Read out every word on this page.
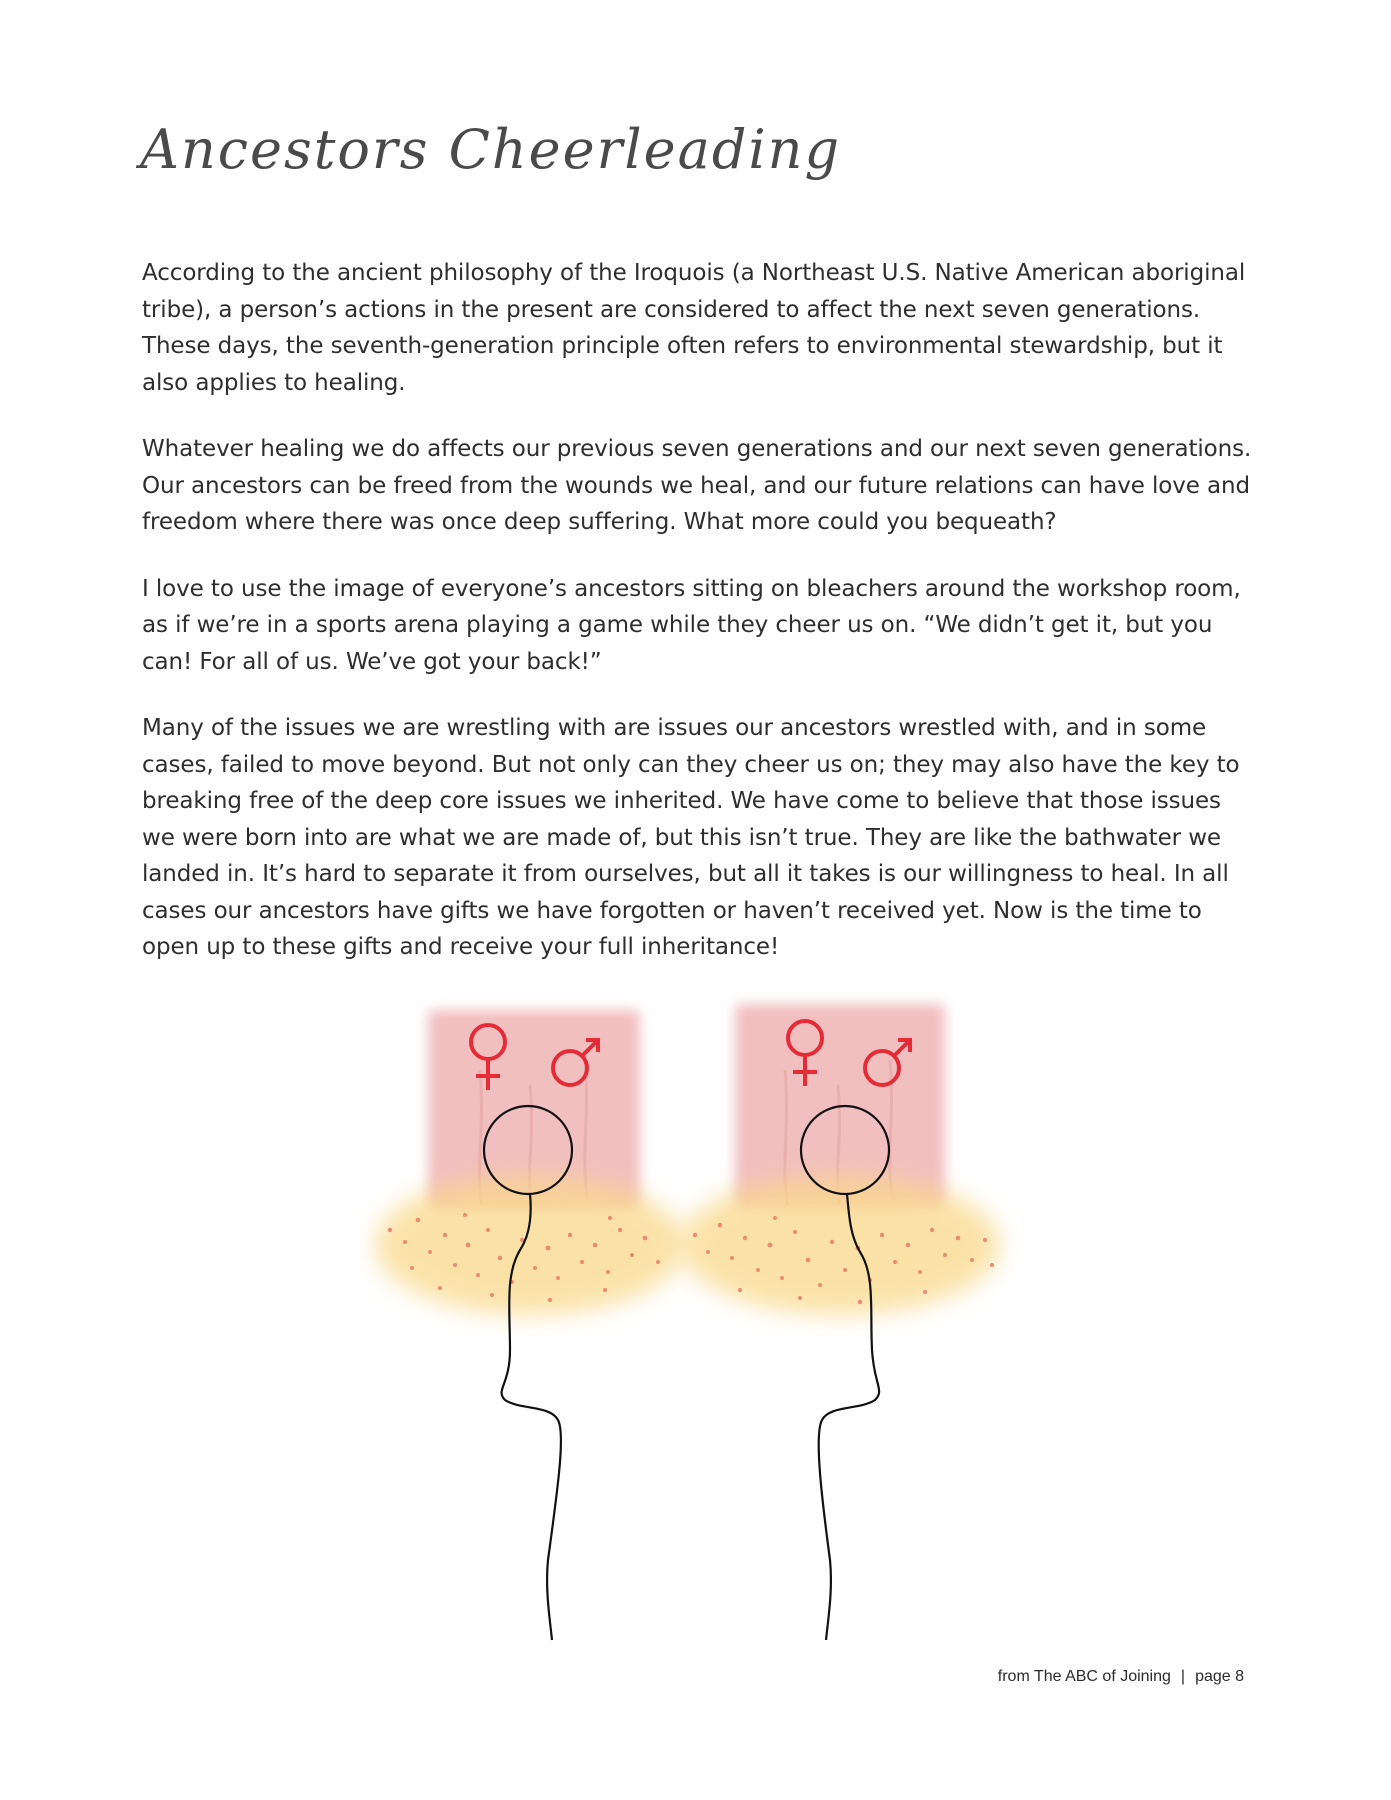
Ancestors Cheerleading

According to the ancient philosophy of the Iroquois (a Northeast U.S. Native American aboriginal tribe), a person’s actions in the present are considered to affect the next seven generations. These days, the seventh-generation principle often refers to environmental stewardship, but it also applies to healing.

Whatever healing we do affects our previous seven generations and our next seven generations. Our ancestors can be freed from the wounds we heal, and our future relations can have love and freedom where there was once deep suffering. What more could you bequeath?

I love to use the image of everyone’s ancestors sitting on bleachers around the workshop room, as if we’re in a sports arena playing a game while they cheer us on. “We didn’t get it, but you can! For all of us. We’ve got your back!”

Many of the issues we are wrestling with are issues our ancestors wrestled with, and in some cases, failed to move beyond. But not only can they cheer us on; they may also have the key to breaking free of the deep core issues we inherited. We have come to believe that those issues we were born into are what we are made of, but this isn’t true. They are like the bathwater we landed in. It’s hard to separate it from ourselves, but all it takes is our willingness to heal. In all cases our ancestors have gifts we have forgotten or haven’t received yet. Now is the time to open up to these gifts and receive your full inheritance!

from The ABC of Joining | page 8
